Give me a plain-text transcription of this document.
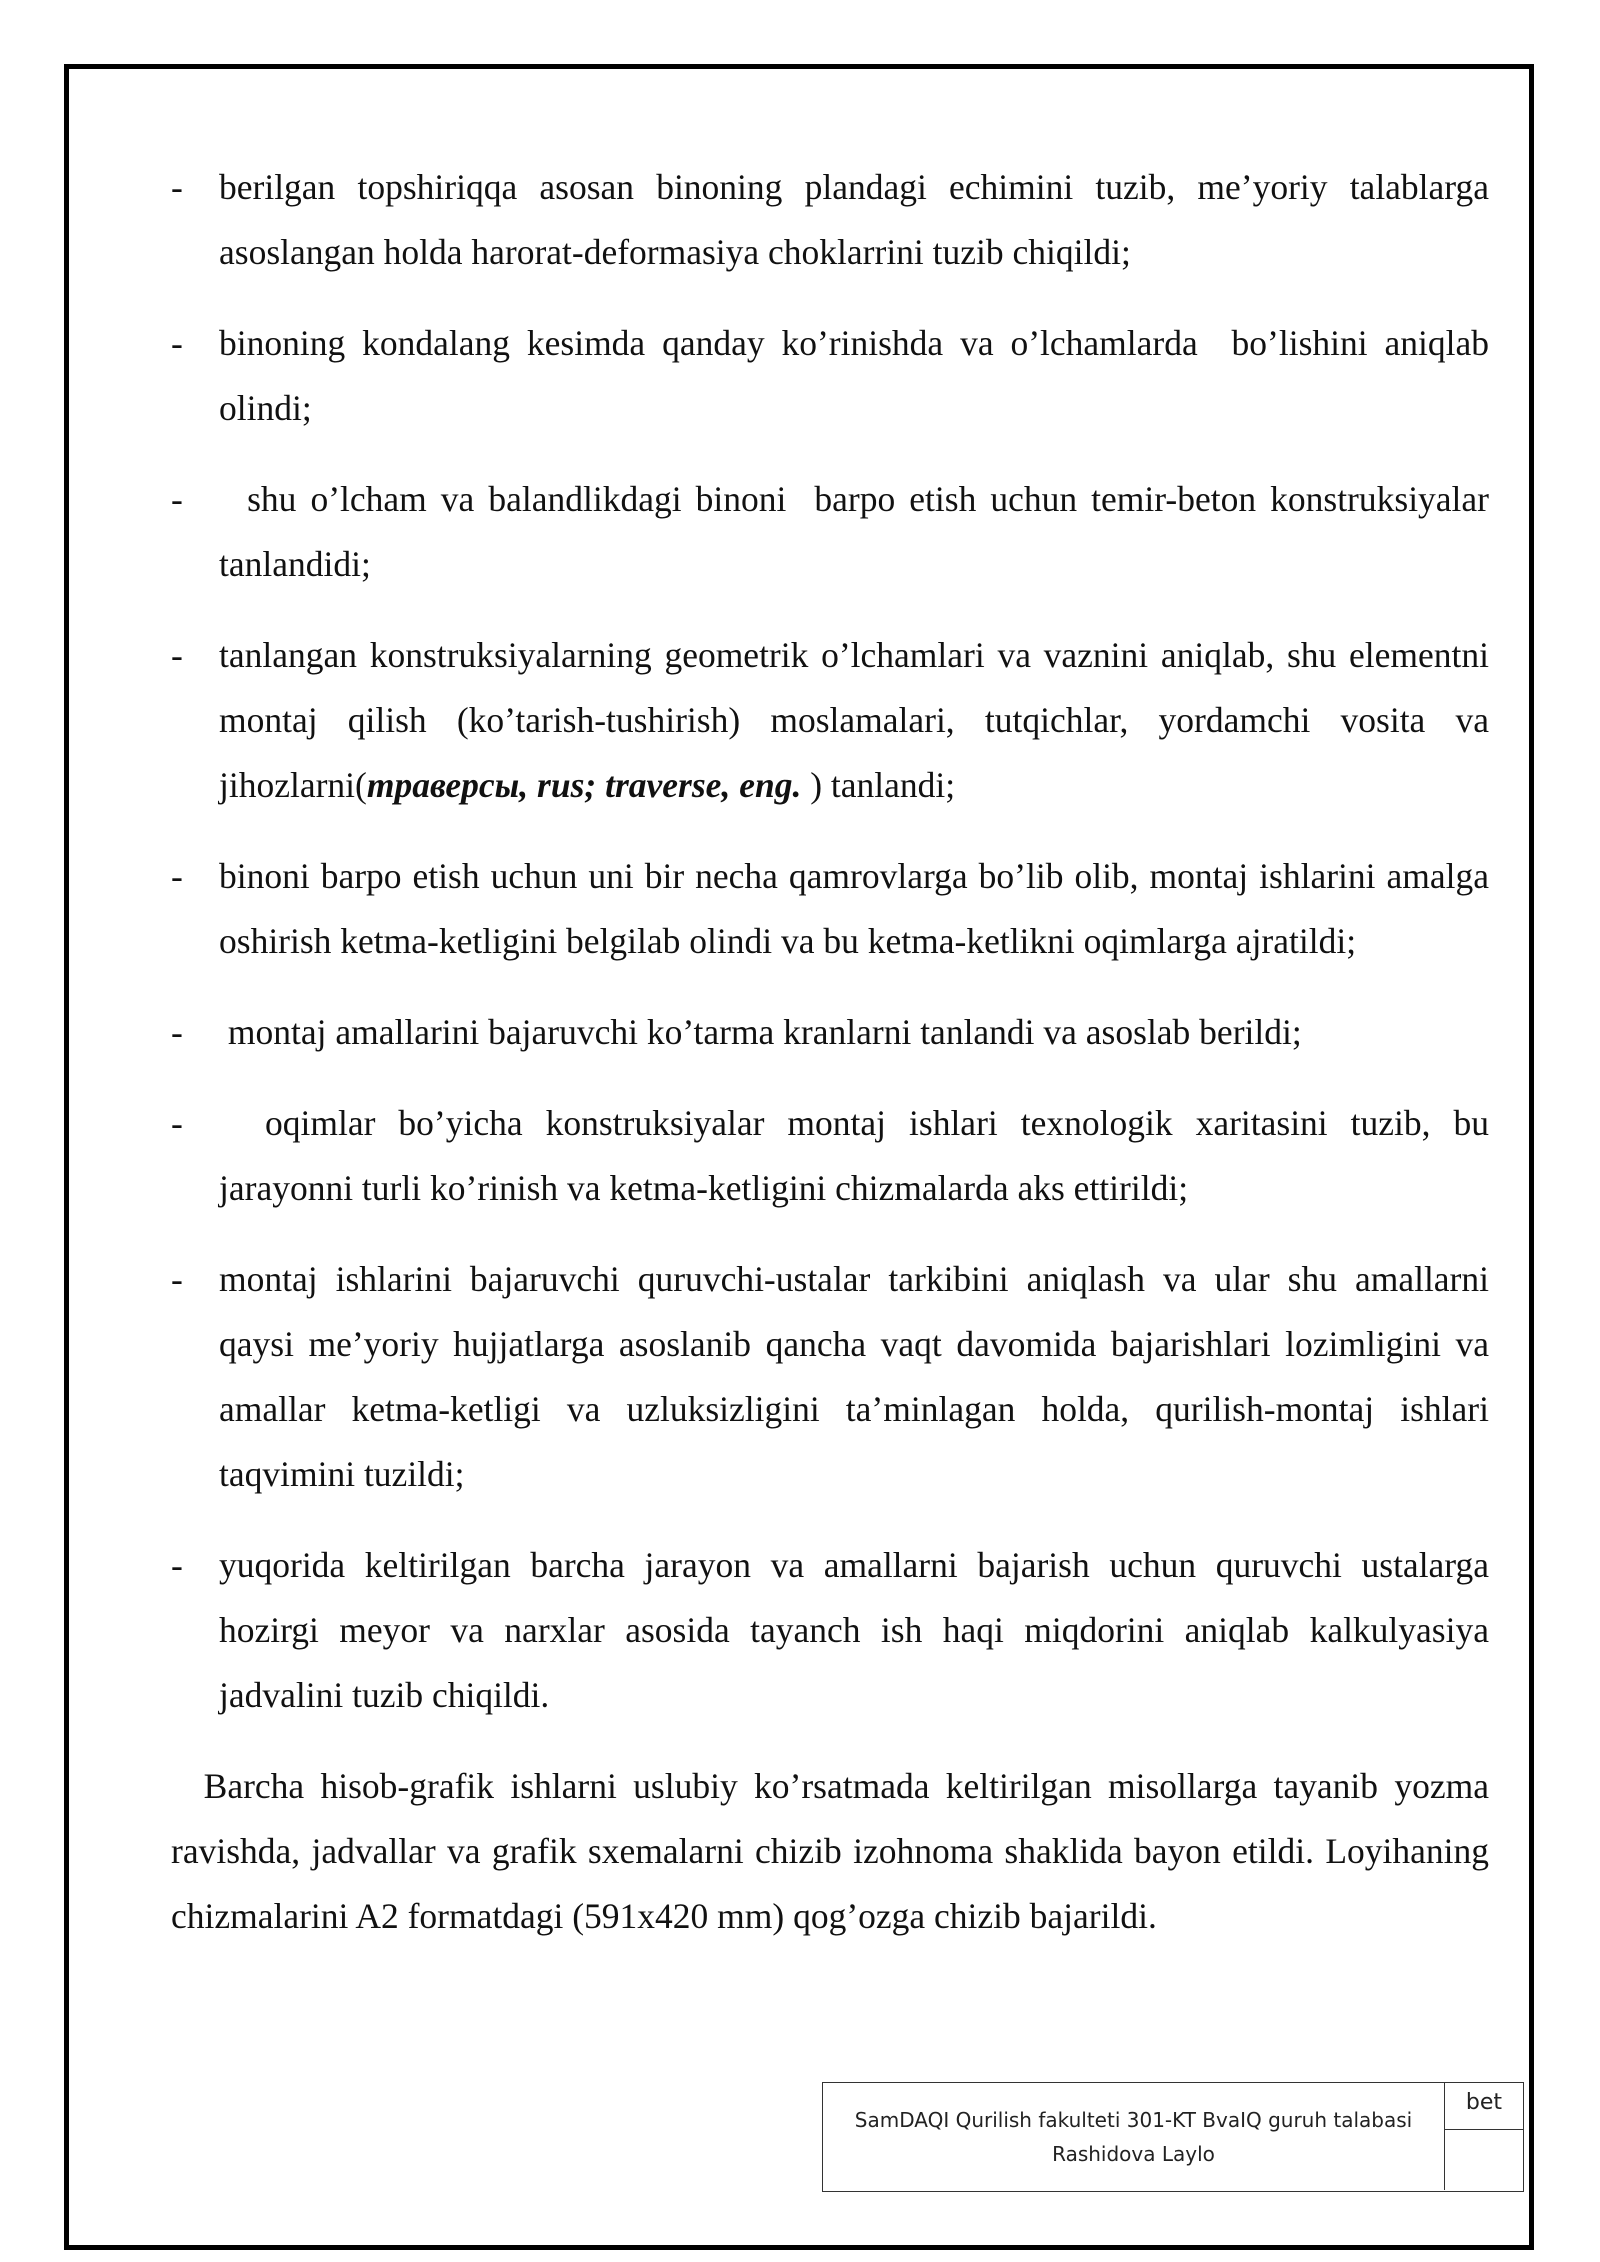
- berilgan topshiriqqa asosan binoning plandagi echimini tuzib, me’yoriy talablarga asoslangan holda harorat-deformasiya choklarrini tuzib chiqildi;
- binoning kondalang kesimda qanday ko’rinishda va o’lchamlarda  bo’lishini aniqlab olindi;
- shu o’lcham va balandlikdagi binoni  barpo etish uchun temir-beton konstruksiyalar tanlandidi;
- tanlangan konstruksiyalarning geometrik o’lchamlari va vaznini aniqlab, shu elementni montaj qilish (ko’tarish-tushirish) moslamalari, tutqichlar, yordamchi vosita va jihozlarni(траверсы, rus; traverse, eng. ) tanlandi;
- binoni barpo etish uchun uni bir necha qamrovlarga bo’lib olib, montaj ishlarini amalga oshirish ketma-ketligini belgilab olindi va bu ketma-ketlikni oqimlarga ajratildi;
- montaj amallarini bajaruvchi ko’tarma kranlarni tanlandi va asoslab berildi;
- oqimlar bo’yicha konstruksiyalar montaj ishlari texnologik xaritasini tuzib, bu jarayonni turli ko’rinish va ketma-ketligini chizmalarda aks ettirildi;
- montaj ishlarini bajaruvchi quruvchi-ustalar tarkibini aniqlash va ular shu amallarni qaysi me’yoriy hujjatlarga asoslanib qancha vaqt davomida bajarishlari lozimligini va amallar ketma-ketligi va uzluksizligini ta’minlagan holda, qurilish-montaj ishlari taqvimini tuzildi;
- yuqorida keltirilgan barcha jarayon va amallarni bajarish uchun quruvchi ustalarga hozirgi meyor va narxlar asosida tayanch ish haqi miqdorini aniqlab kalkulyasiya jadvalini tuzib chiqildi.

Barcha hisob-grafik ishlarni uslubiy ko’rsatmada keltirilgan misollarga tayanib yozma ravishda, jadvallar va grafik sxemalarni chizib izohnoma shaklida bayon etildi. Loyihaning chizmalarini A2 formatdagi (591x420 mm) qog’ozga chizib bajarildi.

SamDAQI Qurilish fakulteti 301-KT BvaIQ guruh talabasi
Rashidova Laylo
bet
